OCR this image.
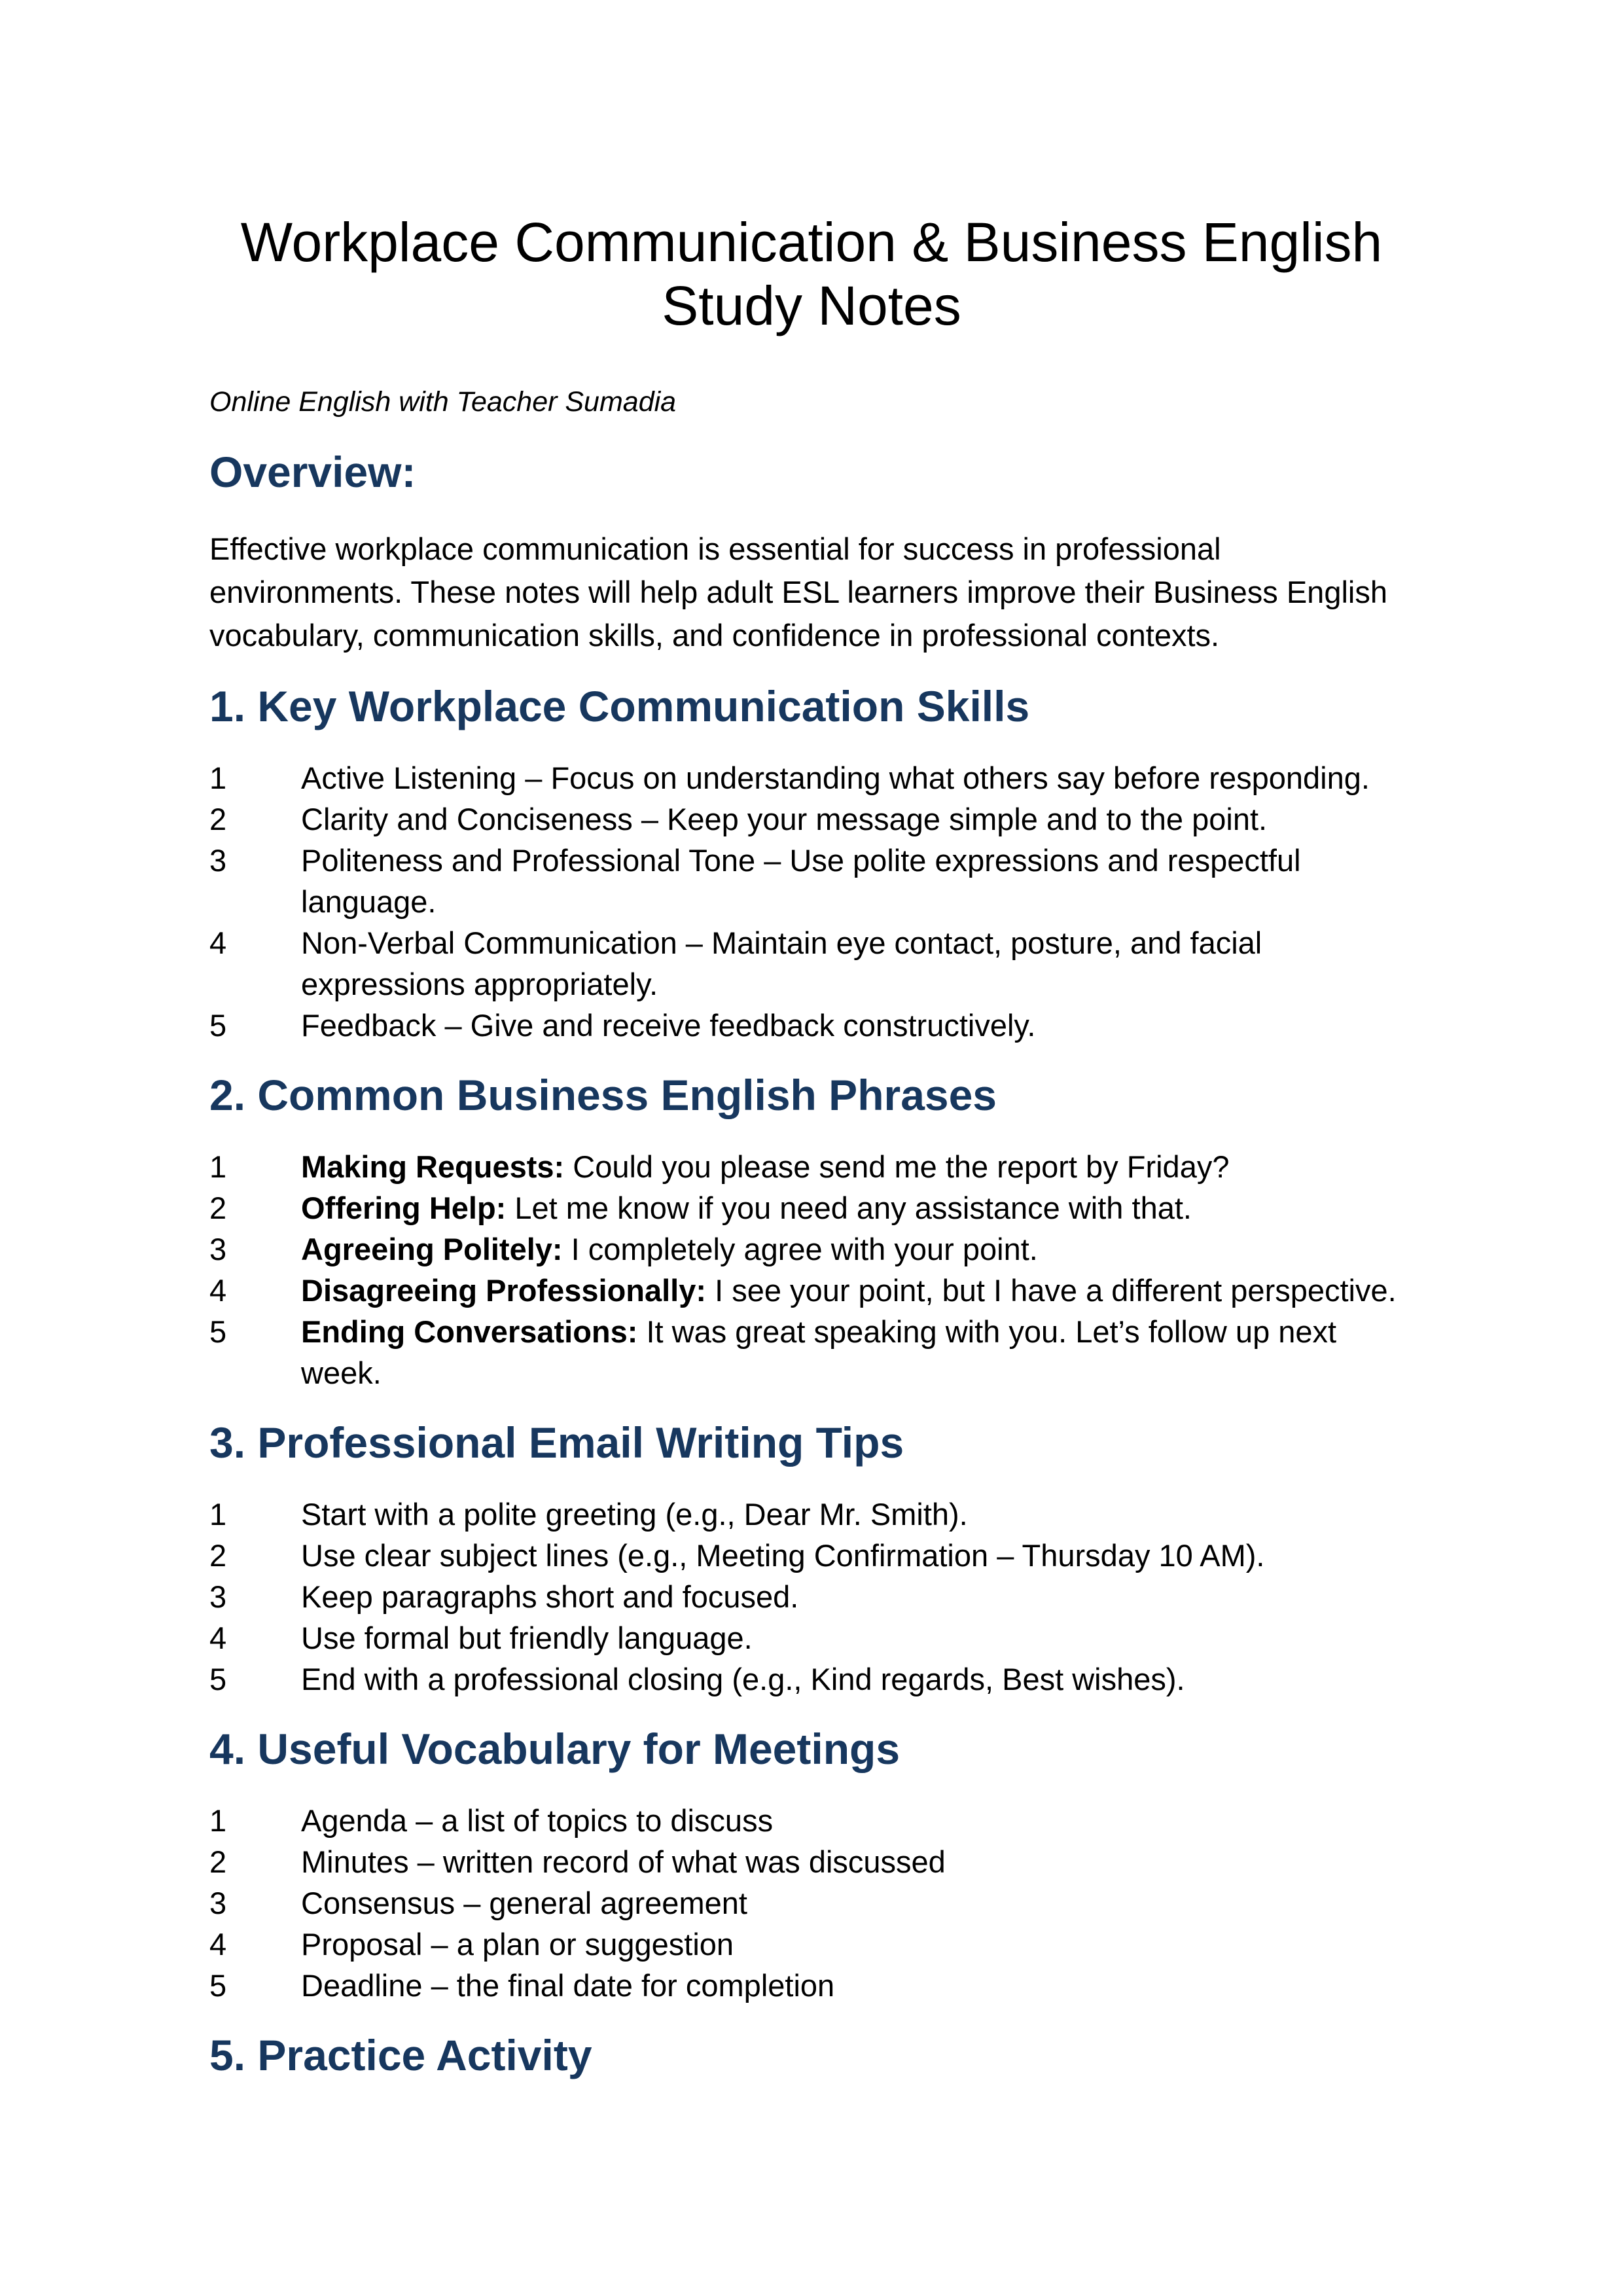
Workplace Communication & Business English Study Notes

Online English with Teacher Sumadia

Overview:

Effective workplace communication is essential for success in professional environments. These notes will help adult ESL learners improve their Business English vocabulary, communication skills, and confidence in professional contexts.

1. Key Workplace Communication Skills
1	Active Listening – Focus on understanding what others say before responding.
2	Clarity and Conciseness – Keep your message simple and to the point.
3	Politeness and Professional Tone – Use polite expressions and respectful language.
4	Non-Verbal Communication – Maintain eye contact, posture, and facial expressions appropriately.
5	Feedback – Give and receive feedback constructively.
2. Common Business English Phrases
1	Making Requests: Could you please send me the report by Friday?
2	Offering Help: Let me know if you need any assistance with that.
3	Agreeing Politely: I completely agree with your point.
4	Disagreeing Professionally: I see your point, but I have a different perspective.
5	Ending Conversations: It was great speaking with you. Let’s follow up next week.
3. Professional Email Writing Tips
1	Start with a polite greeting (e.g., Dear Mr. Smith).
2	Use clear subject lines (e.g., Meeting Confirmation – Thursday 10 AM).
3	Keep paragraphs short and focused.
4	Use formal but friendly language.
5	End with a professional closing (e.g., Kind regards, Best wishes).
4. Useful Vocabulary for Meetings
1	Agenda – a list of topics to discuss
2	Minutes – written record of what was discussed
3	Consensus – general agreement
4	Proposal – a plan or suggestion
5	Deadline – the final date for completion
5. Practice Activity
